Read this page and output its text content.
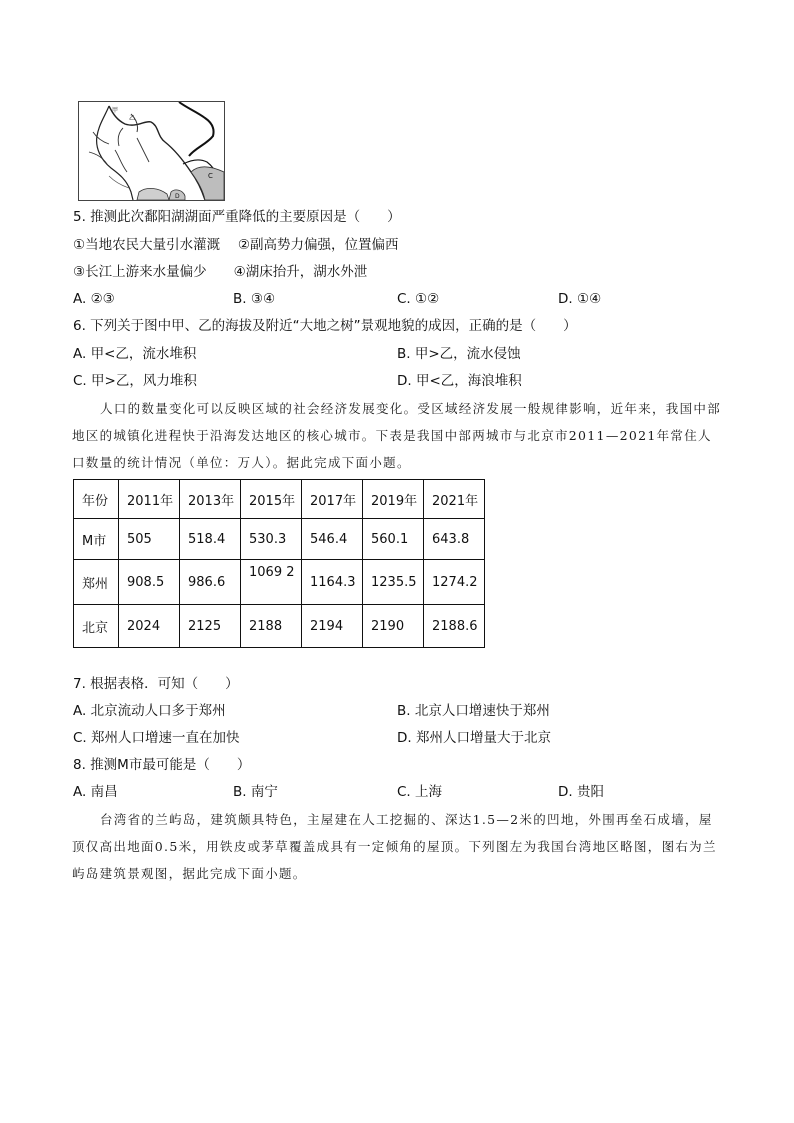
甲
乙
C
D
5. 推测此次鄱阳湖湖面严重降低的主要原因是（　　）
①当地农民大量引水灌溉　 ②副高势力偏强，位置偏西
③长江上游来水量偏少　　④湖床抬升，湖水外泄
A. ②③	B. ③④	C. ①②	D. ①④
6. 下列关于图中甲、乙的海拔及附近“大地之树”景观地貌的成因，正确的是（　　）
A. 甲<乙，流水堆积	B. 甲>乙，流水侵蚀
C. 甲>乙，风力堆积	D. 甲<乙，海浪堆积
人口的数量变化可以反映区域的社会经济发展变化。受区域经济发展一般规律影响，近年来，我国中部地区的城镇化进程快于沿海发达地区的核心城市。下表是我国中部两城市与北京市2011—2021年常住人口数量的统计情况（单位：万人）。据此完成下面小题。
年份	2011年	2013年	2015年	2017年	2019年	2021年
M市	505	518.4	530.3	546.4	560.1	643.8
郑州	908.5	986.6	1069 2	1164.3	1235.5	1274.2
北京	2024	2125	2188	2194	2190	2188.6
7. 根据表格．可知（　　）
A. 北京流动人口多于郑州	B. 北京人口增速快于郑州
C. 郑州人口增速一直在加快	D. 郑州人口增量大于北京
8. 推测M市最可能是（　　）
A. 南昌	B. 南宁	C. 上海	D. 贵阳
台湾省的兰屿岛，建筑颇具特色，主屋建在人工挖掘的、深达1.5—2米的凹地，外围再垒石成墙，屋顶仅高出地面0.5米，用铁皮或茅草覆盖成具有一定倾角的屋顶。下列图左为我国台湾地区略图，图右为兰屿岛建筑景观图，据此完成下面小题。
